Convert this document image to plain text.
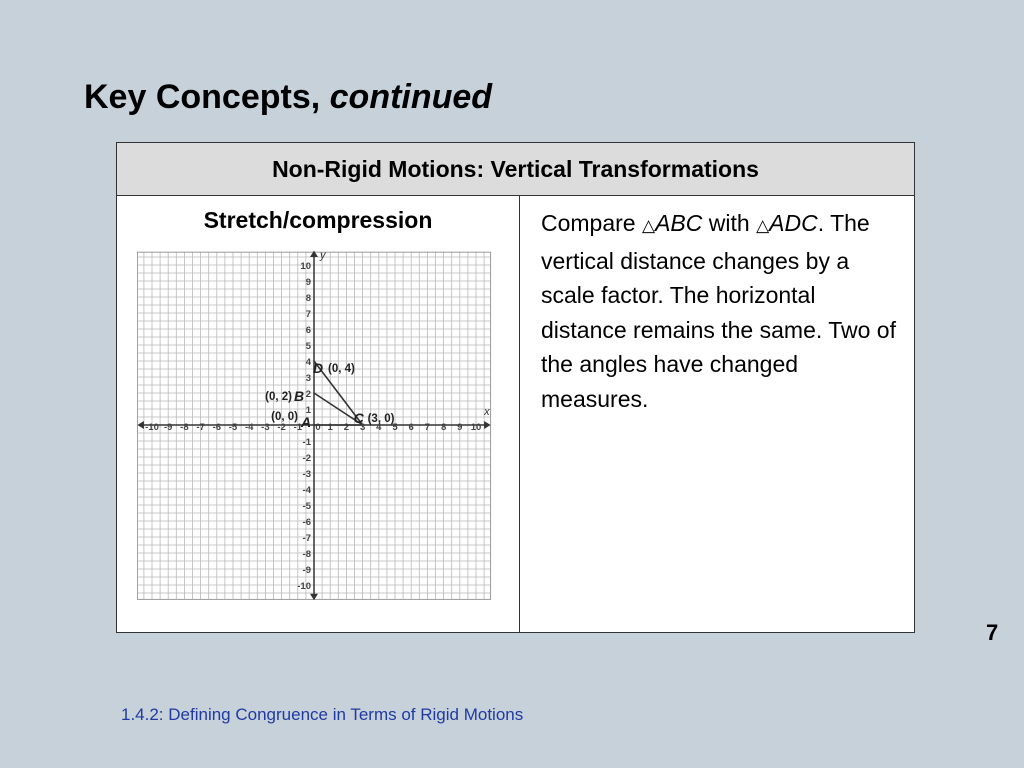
Key Concepts, continued
Non-Rigid Motions: Vertical Transformations
Stretch/compression
x
y
-10 -9 -8 -7 -6 -5 -4 -3 -2 -1 0 1 2 3 4 5 6 7 8 9 10
10
9
8
7
6
5
4
3
2
1
-1
-2
-3
-4
-5
-6
-7
-8
-9
-10
D (0, 4)
B
(0, 2)
A
(0, 0)	C (3, 0)
Compare △ABC with △ADC. The vertical distance changes by a scale factor. The horizontal distance remains the same. Two of the angles have changed measures.
7
1.4.2: Defining Congruence in Terms of Rigid Motions
